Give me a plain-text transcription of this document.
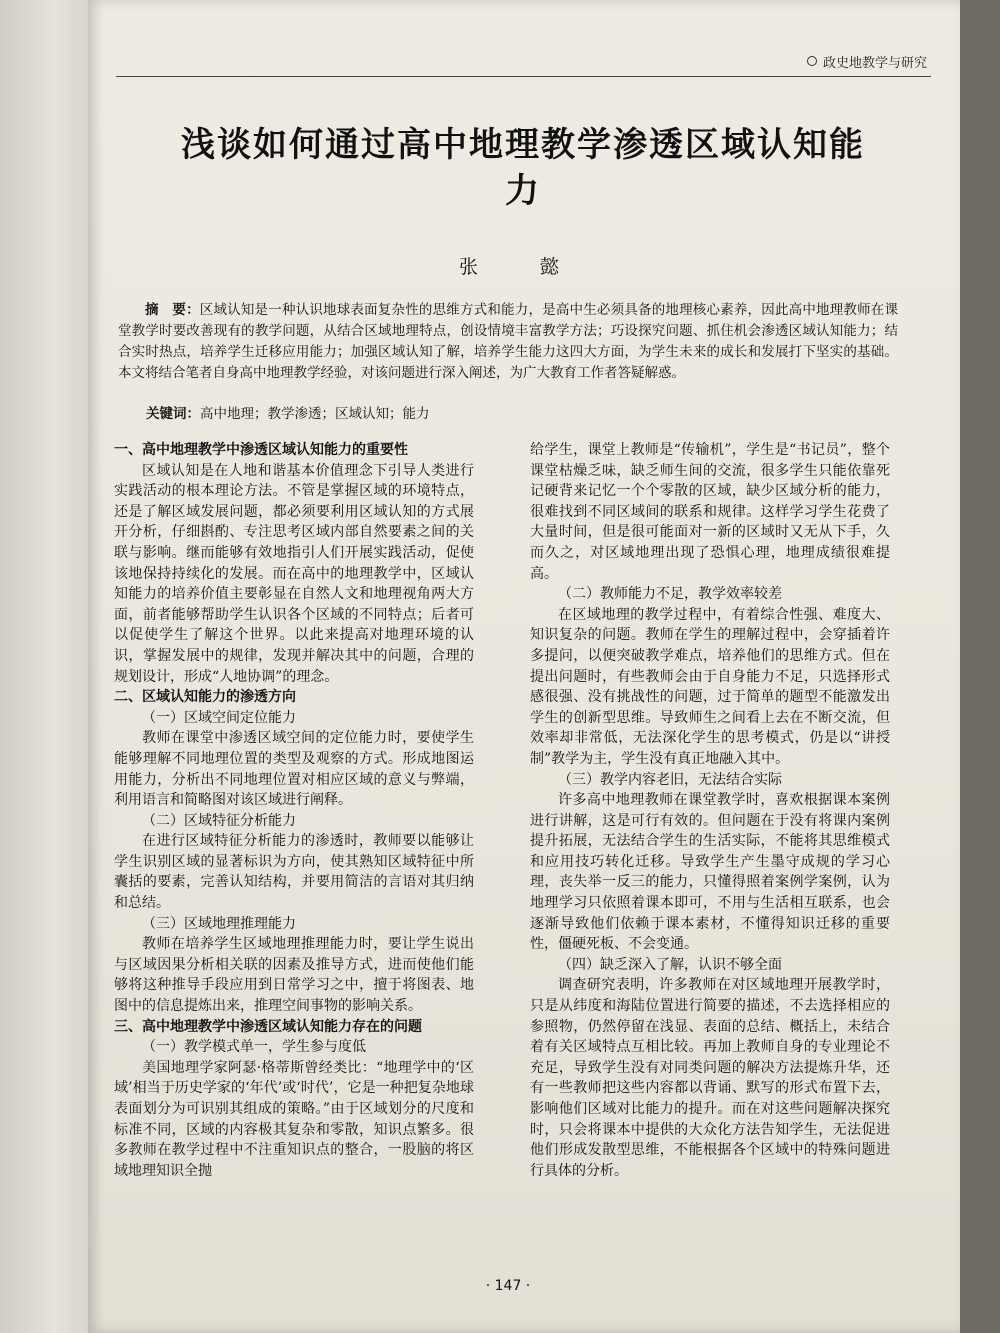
政史地教学与研究
浅谈如何通过高中地理教学渗透区域认知能力
张 懿
摘　要：区域认知是一种认识地球表面复杂性的思维方式和能力，是高中生必须具备的地理核心素养，因此高中地理教师在课堂教学时要改善现有的教学问题，从结合区域地理特点，创设情境丰富教学方法；巧设探究问题、抓住机会渗透区域认知能力；结合实时热点，培养学生迁移应用能力；加强区域认知了解，培养学生能力这四大方面，为学生未来的成长和发展打下坚实的基础。本文将结合笔者自身高中地理教学经验，对该问题进行深入阐述，为广大教育工作者答疑解惑。
关键词：高中地理；教学渗透；区域认知；能力
一、高中地理教学中渗透区域认知能力的重要性

区域认知是在人地和谐基本价值理念下引导人类进行实践活动的根本理论方法。不管是掌握区域的环境特点，还是了解区域发展问题，都必须要利用区域认知的方式展开分析，仔细斟酌、专注思考区域内部自然要素之间的关联与影响。继而能够有效地指引人们开展实践活动，促使该地保持持续化的发展。而在高中的地理教学中，区域认知能力的培养价值主要彰显在自然人文和地理视角两大方面，前者能够帮助学生认识各个区域的不同特点；后者可以促使学生了解这个世界。以此来提高对地理环境的认识，掌握发展中的规律，发现并解决其中的问题，合理的规划设计，形成“人地协调”的理念。

二、区域认知能力的渗透方向
（一）区域空间定位能力

教师在课堂中渗透区域空间的定位能力时，要使学生能够理解不同地理位置的类型及观察的方式。形成地图运用能力，分析出不同地理位置对相应区域的意义与弊端，利用语言和简略图对该区域进行阐释。

（二）区域特征分析能力

在进行区域特征分析能力的渗透时，教师要以能够让学生识别区域的显著标识为方向，使其熟知区域特征中所囊括的要素，完善认知结构，并要用简洁的言语对其归纳和总结。

（三）区域地理推理能力

教师在培养学生区域地理推理能力时，要让学生说出与区域因果分析相关联的因素及推导方式，进而使他们能够将这种推导手段应用到日常学习之中，擅于将图表、地图中的信息提炼出来，推理空间事物的影响关系。

三、高中地理教学中渗透区域认知能力存在的问题
（一）教学模式单一，学生参与度低

美国地理学家阿瑟·格蒂斯曾经类比：“地理学中的‘区域’相当于历史学家的‘年代’或‘时代’，它是一种把复杂地球表面划分为可识别其组成的策略。”由于区域划分的尺度和标准不同，区域的内容极其复杂和零散，知识点繁多。很多教师在教学过程中不注重知识点的整合，一股脑的将区域地理知识全抛

给学生，课堂上教师是“传输机”，学生是“书记员”，整个课堂枯燥乏味，缺乏师生间的交流，很多学生只能依靠死记硬背来记忆一个个零散的区域，缺少区域分析的能力，很难找到不同区域间的联系和规律。这样学习学生花费了大量时间，但是很可能面对一新的区域时又无从下手，久而久之，对区域地理出现了恐惧心理，地理成绩很难提高。

（二）教师能力不足，教学效率较差

在区域地理的教学过程中，有着综合性强、难度大、知识复杂的问题。教师在学生的理解过程中，会穿插着许多提问，以便突破教学难点，培养他们的思维方式。但在提出问题时，有些教师会由于自身能力不足，只选择形式感很强、没有挑战性的问题，过于简单的题型不能激发出学生的创新型思维。导致师生之间看上去在不断交流，但效率却非常低，无法深化学生的思考模式，仍是以“讲授制”教学为主，学生没有真正地融入其中。

（三）教学内容老旧，无法结合实际

许多高中地理教师在课堂教学时，喜欢根据课本案例进行讲解，这是可行有效的。但问题在于没有将课内案例提升拓展，无法结合学生的生活实际，不能将其思维模式和应用技巧转化迁移。导致学生产生墨守成规的学习心理，丧失举一反三的能力，只懂得照着案例学案例，认为地理学习只依照着课本即可，不用与生活相互联系，也会逐渐导致他们依赖于课本素材，不懂得知识迁移的重要性，僵硬死板、不会变通。

（四）缺乏深入了解，认识不够全面

调查研究表明，许多教师在对区域地理开展教学时，只是从纬度和海陆位置进行简要的描述，不去选择相应的参照物，仍然停留在浅显、表面的总结、概括上，未结合着有关区域特点互相比较。再加上教师自身的专业理论不充足，导致学生没有对同类问题的解决方法提炼升华，还有一些教师把这些内容都以背诵、默写的形式布置下去，影响他们区域对比能力的提升。而在对这些问题解决探究时，只会将课本中提供的大众化方法告知学生，无法促进他们形成发散型思维，不能根据各个区域中的特殊问题进行具体的分析。

· 147 ·
